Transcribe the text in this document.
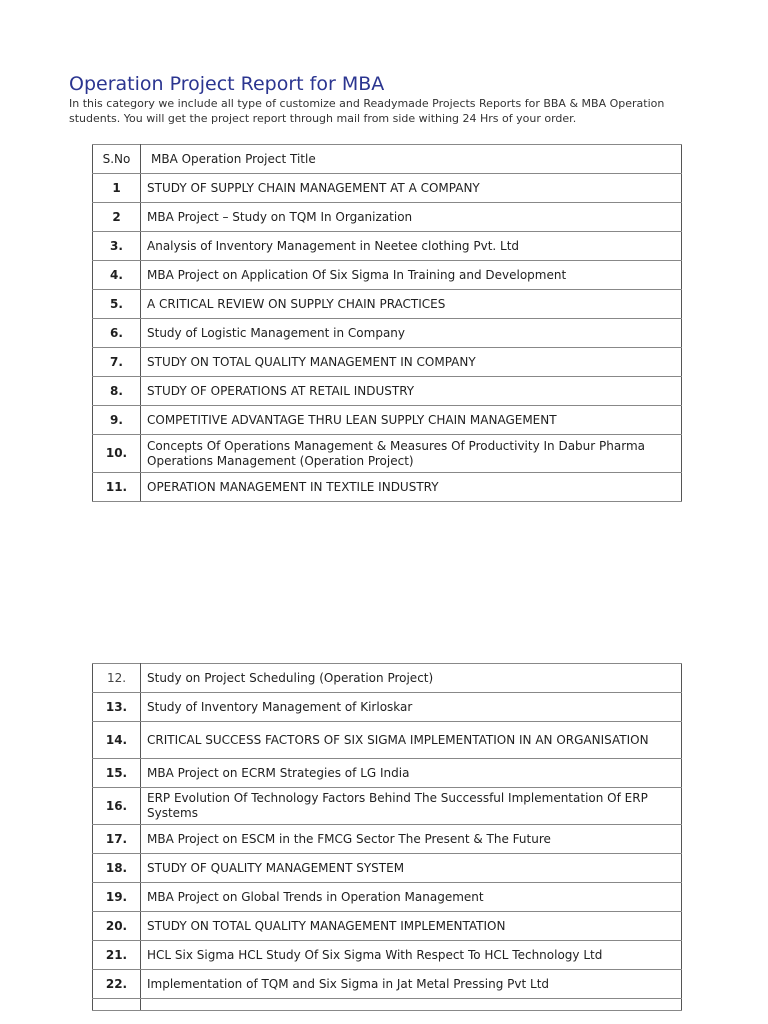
Operation Project Report for MBA
In this category we include all type of customize and Readymade Projects Reports for BBA & MBA Operation students. You will get the project report through mail from side withing 24 Hrs of your order.
S.No	MBA Operation Project Title
1	STUDY OF SUPPLY CHAIN MANAGEMENT AT A COMPANY
2	MBA Project – Study on TQM In Organization
3.	Analysis of Inventory Management in Neetee clothing Pvt. Ltd
4.	MBA Project on Application Of Six Sigma In Training and Development
5.	A CRITICAL REVIEW ON SUPPLY CHAIN PRACTICES
6.	Study of Logistic Management in Company
7.	STUDY ON TOTAL QUALITY MANAGEMENT IN COMPANY
8.	STUDY OF OPERATIONS AT RETAIL INDUSTRY
9.	COMPETITIVE ADVANTAGE THRU LEAN SUPPLY CHAIN MANAGEMENT
10.	Concepts Of Operations Management & Measures Of Productivity In Dabur Pharma Operations Management (Operation Project)
11.	OPERATION MANAGEMENT IN TEXTILE INDUSTRY
12.	Study on Project Scheduling (Operation Project)
13.	Study of Inventory Management of Kirloskar
14.	CRITICAL SUCCESS FACTORS OF SIX SIGMA IMPLEMENTATION IN AN ORGANISATION
15.	MBA Project on ECRM Strategies of LG India
16.	ERP Evolution Of Technology Factors Behind The Successful Implementation Of ERP Systems
17.	MBA Project on ESCM in the FMCG Sector The Present & The Future
18.	STUDY OF QUALITY MANAGEMENT SYSTEM
19.	MBA Project on Global Trends in Operation Management
20.	STUDY ON TOTAL QUALITY MANAGEMENT IMPLEMENTATION
21.	HCL Six Sigma HCL Study Of Six Sigma With Respect To HCL Technology Ltd
22.	Implementation of TQM and Six Sigma in Jat Metal Pressing Pvt Ltd
